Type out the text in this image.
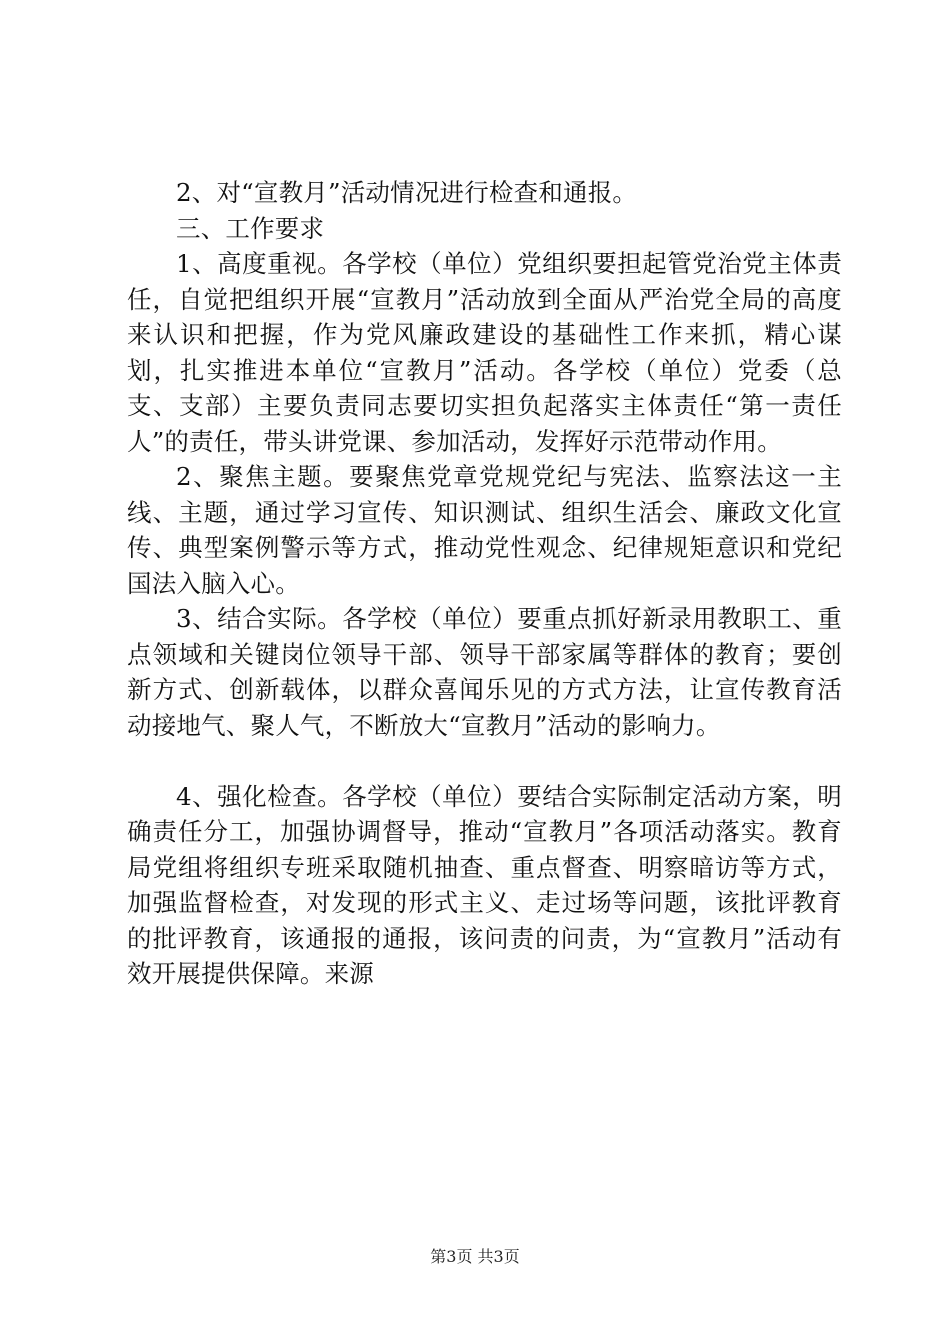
2、对“宣教月”活动情况进行检查和通报。

三、工作要求

1、高度重视。各学校（单位）党组织要担起管党治党主体责任，自觉把组织开展“宣教月”活动放到全面从严治党全局的高度来认识和把握，作为党风廉政建设的基础性工作来抓，精心谋划，扎实推进本单位“宣教月”活动。各学校（单位）党委（总支、支部）主要负责同志要切实担负起落实主体责任“第一责任人”的责任，带头讲党课、参加活动，发挥好示范带动作用。

2、聚焦主题。要聚焦党章党规党纪与宪法、监察法这一主线、主题，通过学习宣传、知识测试、组织生活会、廉政文化宣传、典型案例警示等方式，推动党性观念、纪律规矩意识和党纪国法入脑入心。

3、结合实际。各学校（单位）要重点抓好新录用教职工、重点领域和关键岗位领导干部、领导干部家属等群体的教育；要创新方式、创新载体，以群众喜闻乐见的方式方法，让宣传教育活动接地气、聚人气，不断放大“宣教月”活动的影响力。

4、强化检查。各学校（单位）要结合实际制定活动方案，明确责任分工，加强协调督导，推动“宣教月”各项活动落实。教育局党组将组织专班采取随机抽查、重点督查、明察暗访等方式，加强监督检查，对发现的形式主义、走过场等问题，该批评教育的批评教育，该通报的通报，该问责的问责，为“宣教月”活动有效开展提供保障。来源

第3页 共3页
